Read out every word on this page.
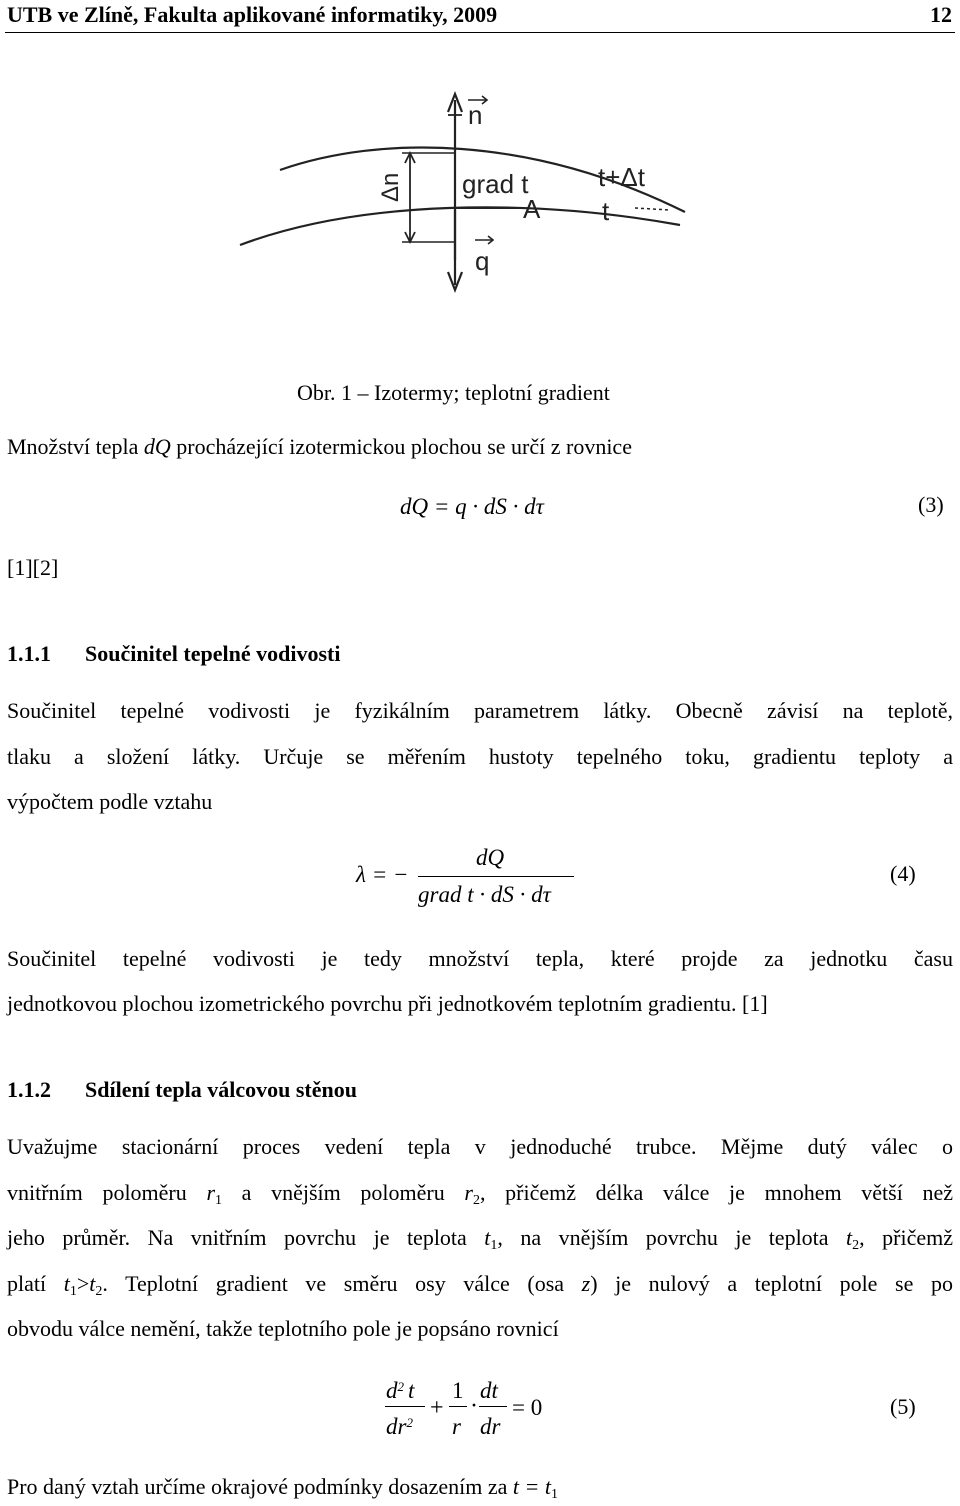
UTB ve Zlíně, Fakulta aplikované informatiky, 2009	12
n
Δn grad t	t+Δt
A t
q
Obr. 1 – Izotermy; teplotní gradient
Množství tepla dQ procházející izotermickou plochou se určí z rovnice
dQ = q · dS · dτ	(3)
[1][2]
1.1.1 Součinitel tepelné vodivosti
Součinitel tepelné vodivosti je fyzikálním parametrem látky. Obecně závisí na teplotě,
tlaku a složení látky. Určuje se měřením hustoty tepelného toku, gradientu teploty a
výpočtem podle vztahu
λ = −
dQ
grad t · dS · dτ
(4)
Součinitel tepelné vodivosti je tedy množství tepla, které projde za jednotku času
jednotkovou plochou izometrického povrchu při jednotkovém teplotním gradientu. [1]
1.1.2 Sdílení tepla válcovou stěnou
Uvažujme stacionární proces vedení tepla v jednoduché trubce. Mějme dutý válec o
vnitřním poloměru $r_1$ a vnějším poloměru $r_2$, přičemž délka válce je mnohem větší než
jeho průměr. Na vnitřním povrchu je teplota $t_1$, na vnějším povrchu je teplota $t_2$, přičemž
platí $t_1>t_2$. Teplotní gradient ve směru osy válce (osa z) je nulový a teplotní pole se po
obvodu válce nemění, takže teplotního pole je popsáno rovnicí
$d^2$ t
$dr^2$
+
1
r
·
dt
dr
= 0	(5)
Pro daný vztah určíme okrajové podmínky dosazením za $t = t_1$
